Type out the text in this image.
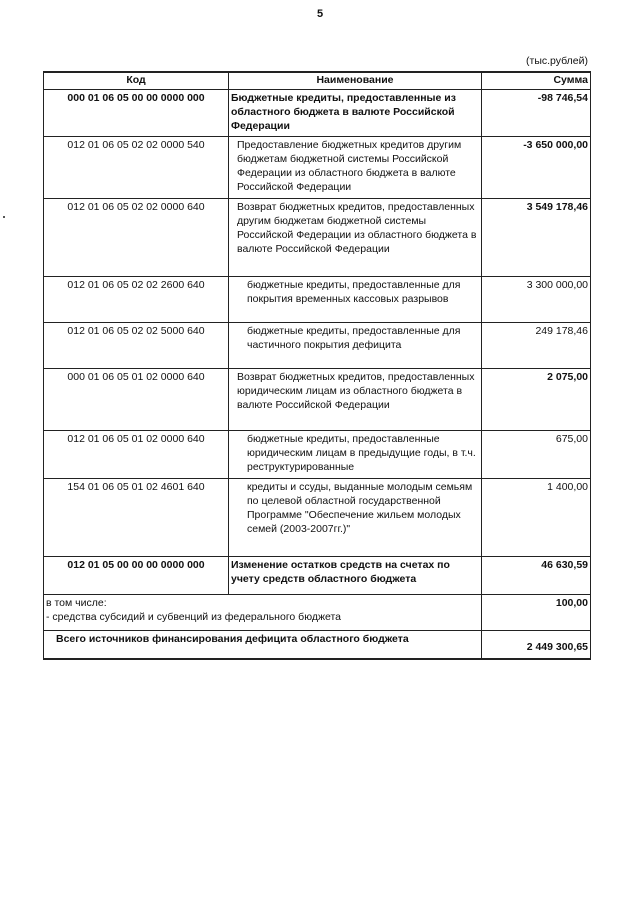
5
(тыс.рублей)
Код	Наименование	Сумма
000 01 06 05 00 00 0000 000	Бюджетные кредиты, предоставленные из областного бюджета в валюте Российской Федерации	-98 746,54
012 01 06 05 02 02 0000 540	Предоставление бюджетных кредитов другим бюджетам бюджетной системы Российской Федерации из областного бюджета в валюте Российской Федерации	-3 650 000,00
012 01 06 05 02 02 0000 640	Возврат бюджетных кредитов, предоставленных другим бюджетам бюджетной системы Российской Федерации из областного бюджета в валюте Российской Федерации	3 549 178,46
012 01 06 05 02 02 2600 640	бюджетные кредиты, предоставленные для покрытия временных кассовых разрывов	3 300 000,00
012 01 06 05 02 02 5000 640	бюджетные кредиты, предоставленные для частичного покрытия дефицита	249 178,46
000 01 06 05 01 02 0000 640	Возврат бюджетных кредитов, предоставленных юридическим лицам из областного бюджета в валюте Российской Федерации	2 075,00
012 01 06 05 01 02 0000 640	бюджетные кредиты, предоставленные юридическим лицам в предыдущие годы, в т.ч. реструктурированные	675,00
154 01 06 05 01 02 4601 640	кредиты и ссуды, выданные молодым семьям по целевой областной государственной Программе "Обеспечение жильем молодых семей (2003-2007гг.)"	1 400,00
012 01 05 00 00 00 0000 000	Изменение остатков средств на счетах по учету средств областного бюджета	46 630,59

в том числе:
- средства субсидий и субвенций из федерального бюджета		100,00
Всего источников финансирования дефицита областного бюджета		2 449 300,65
